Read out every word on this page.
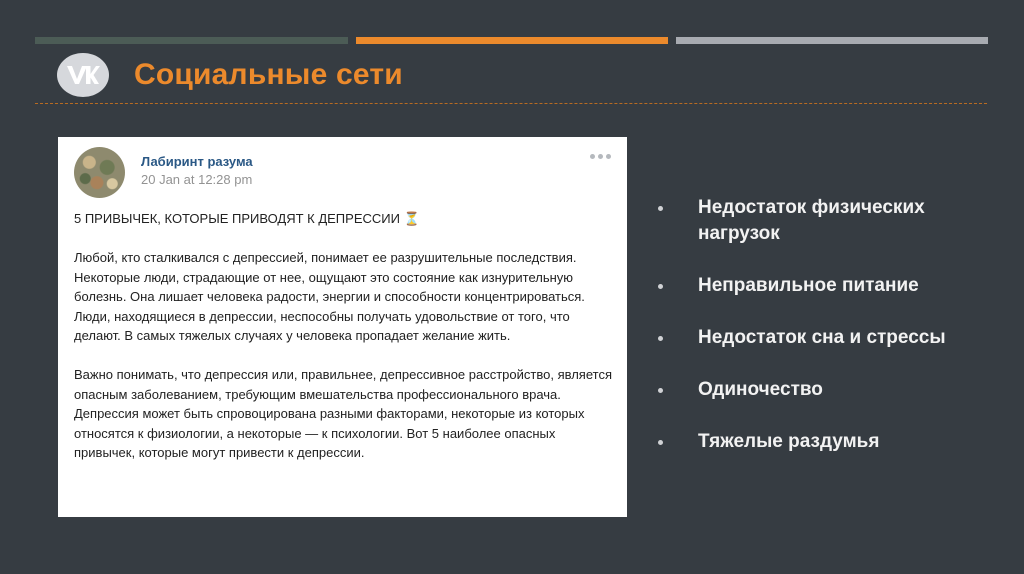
Социальные сети
Лабиринт разума
20 Jan at 12:28 pm

5 ПРИВЫЧЕК, КОТОРЫЕ ПРИВОДЯТ К ДЕПРЕССИИ ⏳

Любой, кто сталкивался с депрессией, понимает ее разрушительные последствия. Некоторые люди, страдающие от нее, ощущают это состояние как изнурительную болезнь. Она лишает человека радости, энергии и способности концентрироваться. Люди, находящиеся в депрессии, неспособны получать удовольствие от того, что делают. В самых тяжелых случаях у человека пропадает желание жить.

Важно понимать, что депрессия или, правильнее, депрессивное расстройство, является опасным заболеванием, требующим вмешательства профессионального врача. Депрессия может быть спровоцирована разными факторами, некоторые из которых относятся к физиологии, а некоторые — к психологии. Вот 5 наиболее опасных привычек, которые могут привести к депрессии.

Недостаток физических нагрузок
Неправильное питание
Недостаток сна и стрессы
Одиночество
Тяжелые раздумья
